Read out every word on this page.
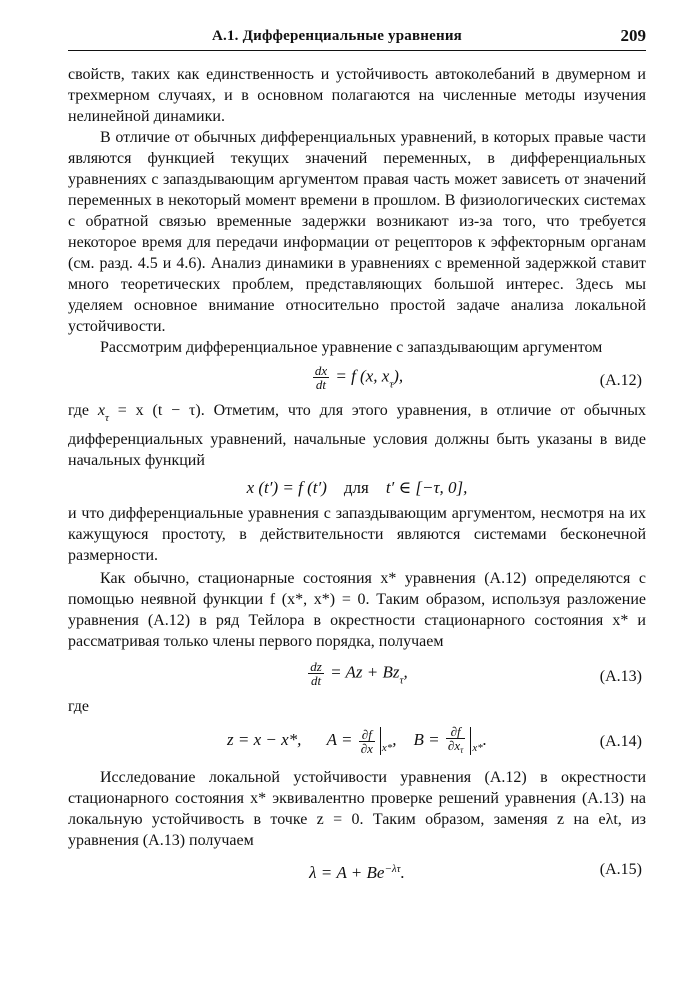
А.1. Дифференциальные уравнения	209

свойств, таких как единственность и устойчивость автоколебаний в двумерном и трехмерном случаях, и в основном полагаются на численные методы изучения нелинейной динамики.

В отличие от обычных дифференциальных уравнений, в которых правые части являются функцией текущих значений переменных, в дифференциальных уравнениях с запаздывающим аргументом правая часть может зависеть от значений переменных в некоторый момент времени в прошлом. В физиологических системах с обратной связью временные задержки возникают из-за того, что требуется некоторое время для передачи информации от рецепторов к эффекторным органам (см. разд. 4.5 и 4.6). Анализ динамики в уравнениях с временной задержкой ставит много теоретических проблем, представляющих большой интерес. Здесь мы уделяем основное внимание относительно простой задаче анализа локальной устойчивости.

Рассмотрим дифференциальное уравнение с запаздывающим аргументом

$\frac{dx}{dt} = f$ (x, $x_\tau$),	(A.12)

где $x_\tau = x$ (t − τ). Отметим, что для этого уравнения, в отличие от обычных дифференциальных уравнений, начальные условия должны быть указаны в виде начальных функций

x (t′) = f (t′) для t′ ∈ [−τ, 0],

и что дифференциальные уравнения с запаздывающим аргументом, несмотря на их кажущуюся простоту, в действительности являются системами бесконечной размерности.

Как обычно, стационарные состояния x* уравнения (A.12) определяются с помощью неявной функции f (x*, x*) = 0. Таким образом, используя разложение уравнения (A.12) в ряд Тейлора в окрестности стационарного состояния x* и рассматривая только члены первого порядка, получаем

$\frac{dz}{dt} = Az + Bz_\tau$,	(A.13)

где

z = x − x*, $A = \frac{\partial f}{\partial x} _{x*}$,    $B = \frac{\partial f}{\partial x_\tau} _{x*}$.	(A.14)

Исследование локальной устойчивости уравнения (A.12) в окрестности стационарного состояния x* эквивалентно проверке решений уравнения (A.13) на локальную устойчивость в точке z = 0. Таким образом, заменяя z на eλt, из уравнения (A.13) получаем

$\lambda = A + Be^{-\lambda\tau}$.	(A.15)
